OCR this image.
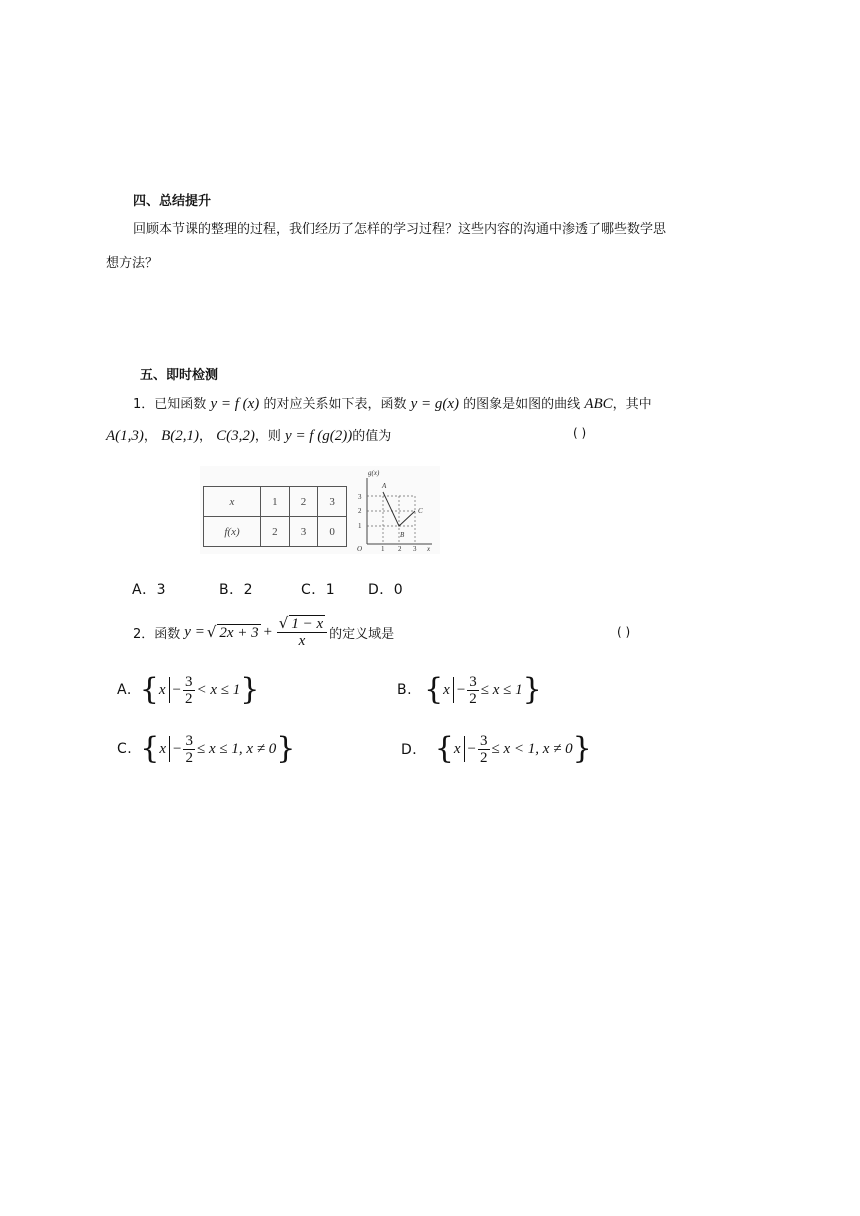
四、总结提升
回顾本节课的整理的过程，我们经历了怎样的学习过程？这些内容的沟通中渗透了哪些数学思
想方法？
五、即时检测
1．已知函数 y = f (x) 的对应关系如下表，函数 y = g(x) 的图象是如图的曲线 ABC，其中
A(1,3)， B(2,1)， C(3,2)，则 y = f (g(2))的值为	( )
x	1	2	3
f(x)	2	3	0
g(x)
3
2
1
O	1 2 3 x
A
B
C
A．3	B．2	C．1 D．0
2． 函数 y = √ $2x + 3 + \frac{√ 1 - x}{x}$ 的定义域是	( )
A. { $x - \frac{3}{2} < x \le 1$ }	B. { $x - \frac{3}{2} \le x \le 1$ }
C. { $x - \frac{3}{2} \le x \le 1$, x ≠ 0 }	D． { $x - \frac{3}{2} \le x < 1$, x ≠ 0 }
